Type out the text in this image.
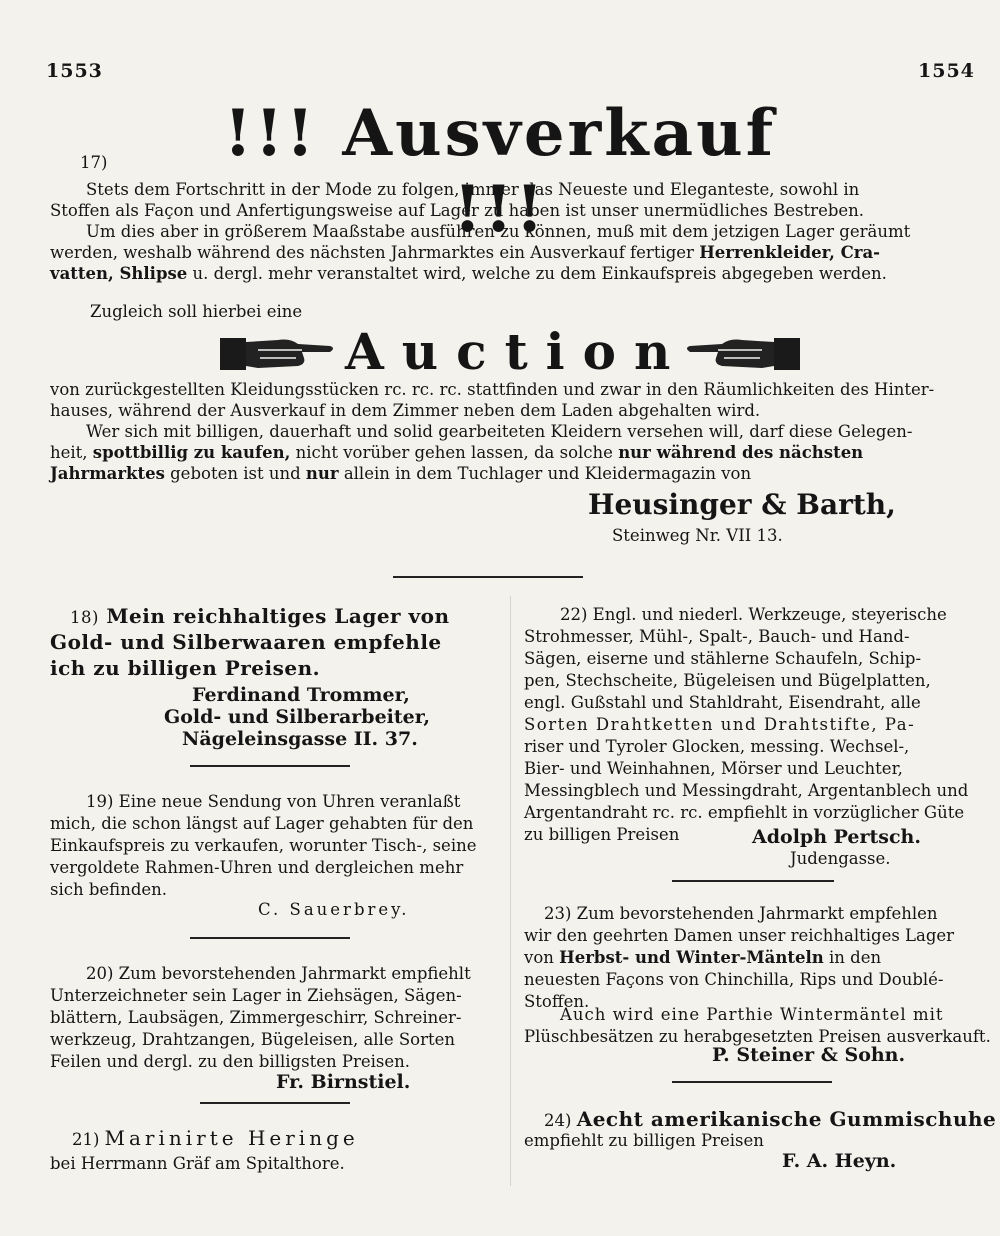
1553	1554
!!! Ausverkauf !!!
17)
Stets dem Fortschritt in der Mode zu folgen, immer das Neueste und Eleganteste, sowohl in
Stoffen als Façon und Anfertigungsweise auf Lager zu haben ist unser unermüdliches Bestreben.
Um dies aber in größerem Maaßstabe ausführen zu können, muß mit dem jetzigen Lager geräumt
werden, weshalb während des nächsten Jahrmarktes ein Ausverkauf fertiger Herrenkleider, Cra-
vatten, Shlipse u. dergl. mehr veranstaltet wird, welche zu dem Einkaufspreis abgegeben werden.
Zugleich soll hierbei eine
Auction
von zurückgestellten Kleidungsstücken rc. rc. rc. stattfinden und zwar in den Räumlichkeiten des Hinter-
hauses, während der Ausverkauf in dem Zimmer neben dem Laden abgehalten wird.
Wer sich mit billigen, dauerhaft und solid gearbeiteten Kleidern versehen will, darf diese Gelegen-
heit, spottbillig zu kaufen, nicht vorüber gehen lassen, da solche nur während des nächsten
Jahrmarktes geboten ist und nur allein in dem Tuchlager und Kleidermagazin von
Heusinger & Barth,
Steinweg Nr. VII 13.
18) Mein reichhaltiges Lager von
Gold- und Silberwaaren empfehle
ich zu billigen Preisen.
Ferdinand Trommer,
Gold- und Silberarbeiter,
Nägeleinsgasse II. 37.
19) Eine neue Sendung von Uhren veranlaßt
mich, die schon längst auf Lager gehabten für den
Einkaufspreis zu verkaufen, worunter Tisch-, seine
vergoldete Rahmen-Uhren und dergleichen mehr
sich befinden.
C. Sauerbrey.
20) Zum bevorstehenden Jahrmarkt empfiehlt
Unterzeichneter sein Lager in Ziehsägen, Sägen-
blättern, Laubsägen, Zimmergeschirr, Schreiner-
werkzeug, Drahtzangen, Bügeleisen, alle Sorten
Feilen und dergl. zu den billigsten Preisen.
Fr. Birnstiel.
21) Marinirte Heringe
bei Herrmann Gräf am Spitalthore.
22) Engl. und niederl. Werkzeuge, steyerische
Strohmesser, Mühl-, Spalt-, Bauch- und Hand-
Sägen, eiserne und stählerne Schaufeln, Schip-
pen, Stechscheite, Bügeleisen und Bügelplatten,
engl. Gußstahl und Stahldraht, Eisendraht, alle
Sorten Drahtketten und Drahtstifte, Pa-
riser und Tyroler Glocken, messing. Wechsel-,
Bier- und Weinhahnen, Mörser und Leuchter,
Messingblech und Messingdraht, Argentanblech und
Argentandraht rc. rc. empfiehlt in vorzüglicher Güte
zu billigen Preisen	Adolph Pertsch.
Judengasse.
23) Zum bevorstehenden Jahrmarkt empfehlen
wir den geehrten Damen unser reichhaltiges Lager
von Herbst- und Winter-Mänteln in den
neuesten Façons von Chinchilla, Rips und Doublé-
Stoffen.
Auch wird eine Parthie Wintermäntel mit
Plüschbesätzen zu herabgesetzten Preisen ausverkauft.
P. Steiner & Sohn.
24) Aecht amerikanische Gummischuhe
empfiehlt zu billigen Preisen
F. A. Heyn.
